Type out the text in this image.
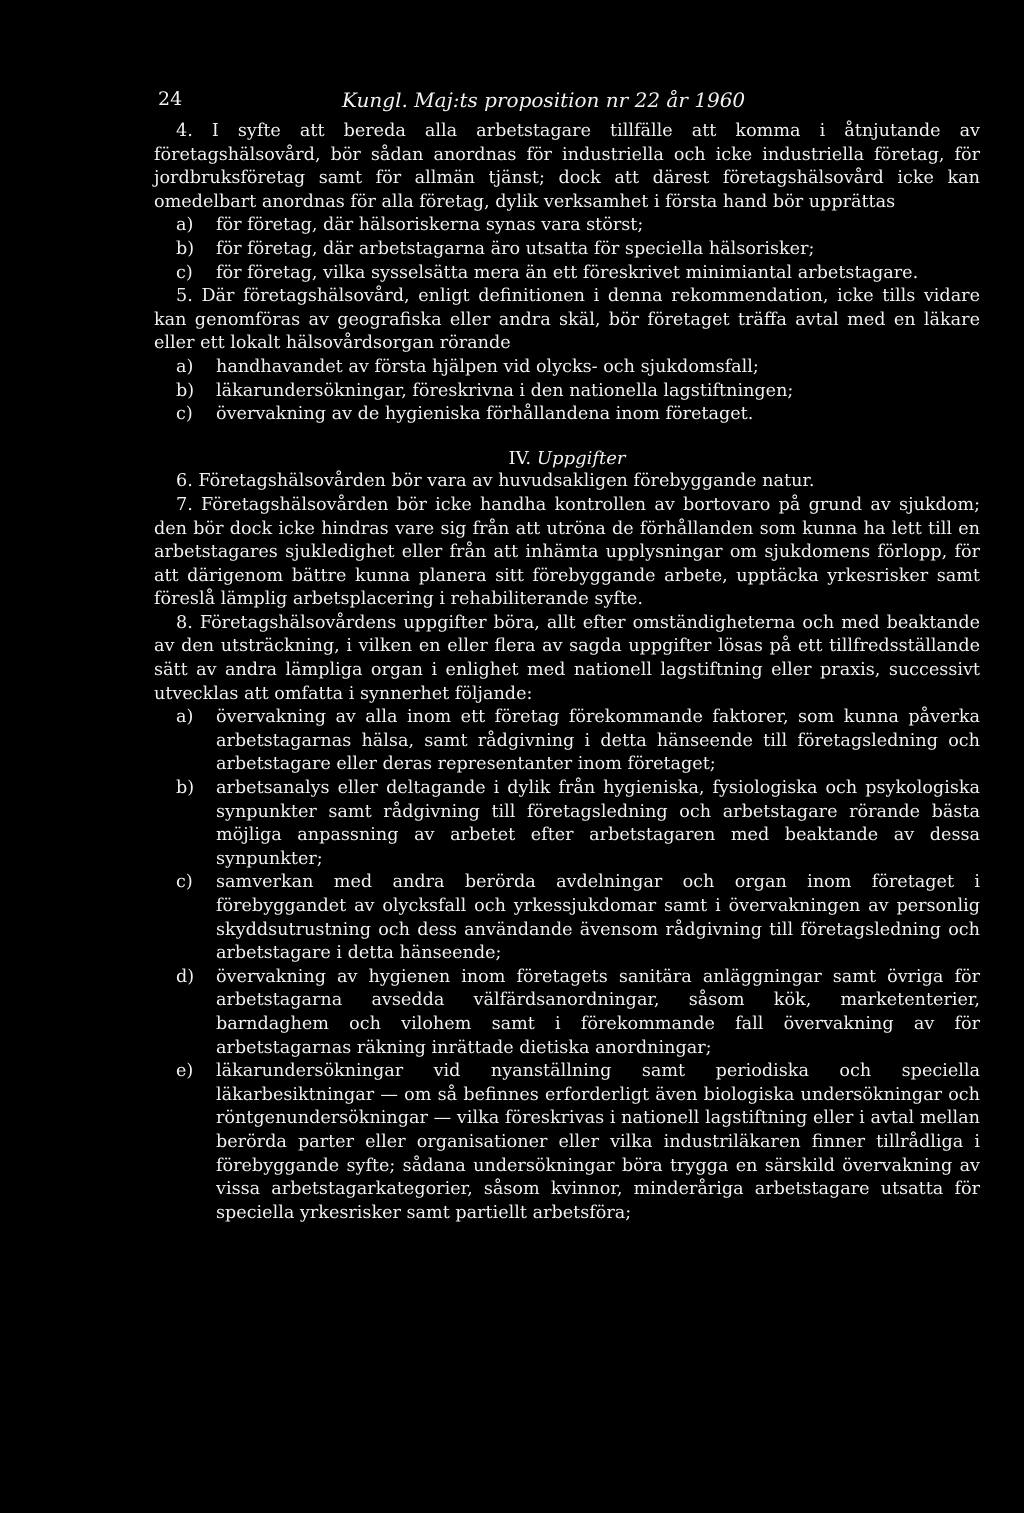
24	Kungl. Maj:ts proposition nr 22 år 1960

4. I syfte att bereda alla arbetstagare tillfälle att komma i åtnjutande av företagshälsovård, bör sådan anordnas för industriella och icke industriella företag, för jordbruksföretag samt för allmän tjänst; dock att därest företagshälsovård icke kan omedelbart anordnas för alla företag, dylik verksamhet i första hand bör upprättas

a) för företag, där hälsoriskerna synas vara störst;
b) för företag, där arbetstagarna äro utsatta för speciella hälsorisker;
c) för företag, vilka sysselsätta mera än ett föreskrivet minimiantal arbetstagare.

5. Där företagshälsovård, enligt definitionen i denna rekommendation, icke tills vidare kan genomföras av geografiska eller andra skäl, bör företaget träffa avtal med en läkare eller ett lokalt hälsovårdsorgan rörande

a) handhavandet av första hjälpen vid olycks- och sjukdomsfall;
b) läkarundersökningar, föreskrivna i den nationella lagstiftningen;
c) övervakning av de hygieniska förhållandena inom företaget.
IV. Uppgifter

6. Företagshälsovården bör vara av huvudsakligen förebyggande natur.

7. Företagshälsovården bör icke handha kontrollen av bortovaro på grund av sjukdom; den bör dock icke hindras vare sig från att utröna de förhållanden som kunna ha lett till en arbetstagares sjukledighet eller från att inhämta upplysningar om sjukdomens förlopp, för att därigenom bättre kunna planera sitt förebyggande arbete, upptäcka yrkesrisker samt föreslå lämplig arbetsplacering i rehabiliterande syfte.

8. Företagshälsovårdens uppgifter böra, allt efter omständigheterna och med beaktande av den utsträckning, i vilken en eller flera av sagda uppgifter lösas på ett tillfredsställande sätt av andra lämpliga organ i enlighet med nationell lagstiftning eller praxis, successivt utvecklas att omfatta i synnerhet följande:

a) övervakning av alla inom ett företag förekommande faktorer, som kunna påverka arbetstagarnas hälsa, samt rådgivning i detta hänseende till företagsledning och arbetstagare eller deras representanter inom företaget;
b) arbetsanalys eller deltagande i dylik från hygieniska, fysiologiska och psykologiska synpunkter samt rådgivning till företagsledning och arbetstagare rörande bästa möjliga anpassning av arbetet efter arbetstagaren med beaktande av dessa synpunkter;
c) samverkan med andra berörda avdelningar och organ inom företaget i förebyggandet av olycksfall och yrkessjukdomar samt i övervakningen av personlig skyddsutrustning och dess användande ävensom rådgivning till företagsledning och arbetstagare i detta hänseende;
d) övervakning av hygienen inom företagets sanitära anläggningar samt övriga för arbetstagarna avsedda välfärdsanordningar, såsom kök, marketenterier, barndaghem och vilohem samt i förekommande fall övervakning av för arbetstagarnas räkning inrättade dietiska anordningar;
e) läkarundersökningar vid nyanställning samt periodiska och speciella läkarbesiktningar — om så befinnes erforderligt även biologiska undersökningar och röntgenundersökningar — vilka föreskrivas i nationell lagstiftning eller i avtal mellan berörda parter eller organisationer eller vilka industriläkaren finner tillrådliga i förebyggande syfte; sådana undersökningar böra trygga en särskild övervakning av vissa arbetstagarkategorier, såsom kvinnor, minderåriga arbetstagare utsatta för speciella yrkesrisker samt partiellt arbetsföra;
